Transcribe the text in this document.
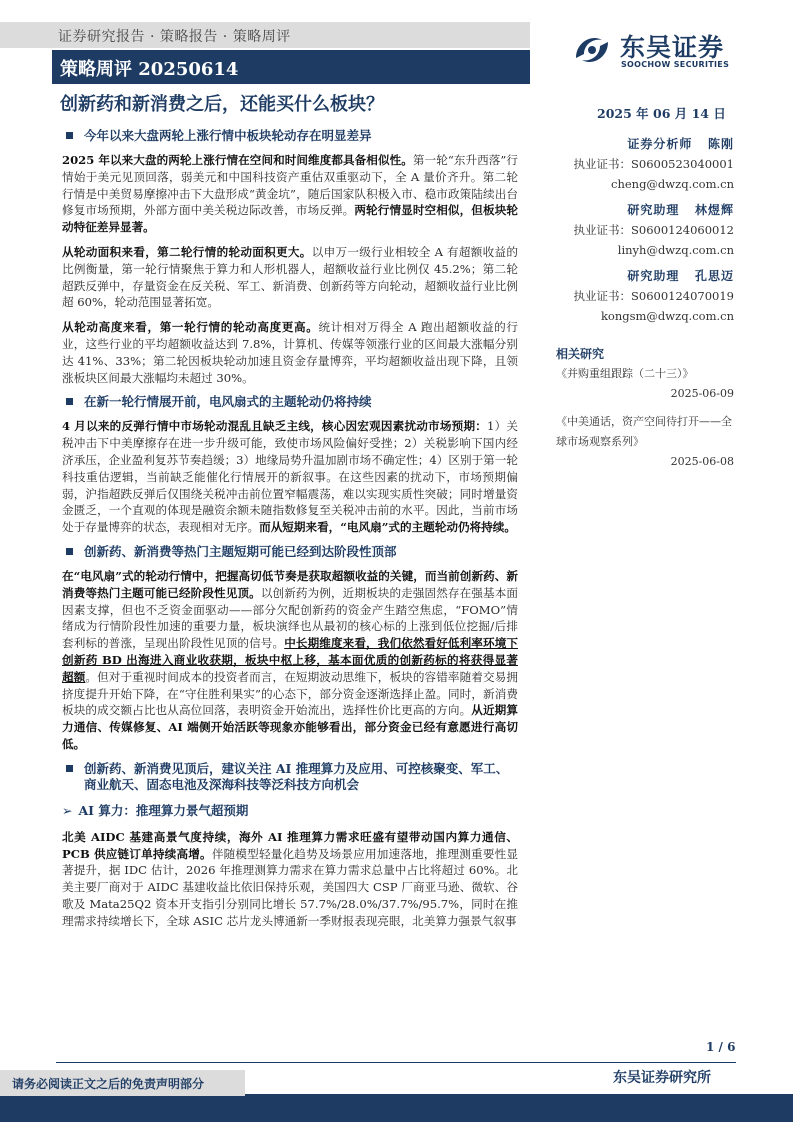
证券研究报告 · 策略报告 · 策略周评
策略周评 20250614
东吴证券
SOOCHOW SECURITIES
创新药和新消费之后，还能买什么板块？	2025 年 06 月 14 日
今年以来大盘两轮上涨行情中板块轮动存在明显差异

2025 年以来大盘的两轮上涨行情在空间和时间维度都具备相似性。第一轮“东升西落”行情始于美元见顶回落，弱美元和中国科技资产重估双重驱动下，全 A 量价齐升。第二轮行情是中美贸易摩擦冲击下大盘形成“黄金坑”，随后国家队积极入市、稳市政策陆续出台修复市场预期，外部方面中美关税边际改善，市场反弹。两轮行情显时空相似，但板块轮动特征差异显著。

从轮动面积来看，第二轮行情的轮动面积更大。以申万一级行业相较全 A 有超额收益的比例衡量，第一轮行情聚焦于算力和人形机器人，超额收益行业比例仅 45.2%；第二轮超跌反弹中，存量资金在反关税、军工、新消费、创新药等方向轮动，超额收益行业比例超 60%，轮动范围显著拓宽。

从轮动高度来看，第一轮行情的轮动高度更高。统计相对万得全 A 跑出超额收益的行业，这些行业的平均超额收益达到 7.8%，计算机、传媒等领涨行业的区间最大涨幅分别达 41%、33%；第二轮因板块轮动加速且资金存量博弈，平均超额收益出现下降，且领涨板块区间最大涨幅均未超过 30%。

在新一轮行情展开前，电风扇式的主题轮动仍将持续

4 月以来的反弹行情中市场轮动混乱且缺乏主线，核心因宏观因素扰动市场预期：1）关税冲击下中美摩擦存在进一步升级可能，致使市场风险偏好受挫；2）关税影响下国内经济承压，企业盈利复苏节奏趋缓；3）地缘局势升温加剧市场不确定性；4）区别于第一轮科技重估逻辑，当前缺乏能催化行情展开的新叙事。在这些因素的扰动下，市场预期偏弱，沪指超跌反弹后仅围绕关税冲击前位置窄幅震荡，难以实现实质性突破；同时增量资金匮乏，一个直观的体现是融资余额未随指数修复至关税冲击前的水平。因此，当前市场处于存量博弈的状态，表现相对无序。而从短期来看，“电风扇”式的主题轮动仍将持续。

创新药、新消费等热门主题短期可能已经到达阶段性顶部

在“电风扇”式的轮动行情中，把握高切低节奏是获取超额收益的关键，而当前创新药、新消费等热门主题可能已经阶段性见顶。以创新药为例，近期板块的走强固然存在强基本面因素支撑，但也不乏资金面驱动——部分欠配创新药的资金产生踏空焦虑，“FOMO”情绪成为行情阶段性加速的重要力量，板块演绎也从最初的核心标的上涨到低位挖掘/后排套利标的普涨，呈现出阶段性见顶的信号。中长期维度来看，我们依然看好低利率环境下创新药 BD 出海进入商业收获期，板块中枢上移，基本面优质的创新药标的将获得显著超额。但对于重视时间成本的投资者而言，在短期波动思维下，板块的容错率随着交易拥挤度提升开始下降，在“守住胜利果实”的心态下，部分资金逐渐选择止盈。同时，新消费板块的成交额占比也从高位回落，表明资金开始流出，选择性价比更高的方向。从近期算力通信、传媒修复、AI 端侧开始活跃等现象亦能够看出，部分资金已经有意愿进行高切低。

创新药、新消费见顶后，建议关注 AI 推理算力及应用、可控核聚变、军工、商业航天、固态电池及深海科技等泛科技方向机会
➢ AI 算力：推理算力景气超预期

北美 AIDC 基建高景气度持续，海外 AI 推理算力需求旺盛有望带动国内算力通信、PCB 供应链订单持续高增。伴随模型轻量化趋势及场景应用加速落地，推理测重要性显著提升，据 IDC 估计，2026 年推理测算力需求在算力需求总量中占比将超过 60%。北美主要厂商对于 AIDC 基建收益比依旧保持乐观，美国四大 CSP 厂商亚马逊、微软、谷歌及 Mata25Q2 资本开支指引分别同比增长 57.7%/28.0%/37.7%/95.7%，同时在推理需求持续增长下，全球 ASIC 芯片龙头博通新一季财报表现亮眼，北美算力强景气叙事

证券分析师 陈刚
执业证书：S0600523040001
cheng@dwzq.com.cn
研究助理 林煜辉
执业证书：S0600124060012
linyh@dwzq.com.cn
研究助理 孔思迈
执业证书：S0600124070019
kongsm@dwzq.com.cn
相关研究
《并购重组跟踪（二十三）》
2025-06-09
《中美通话，资产空间待打开——全球市场观察系列》
2025-06-08
1 / 6
东吴证券研究所
请务必阅读正文之后的免责声明部分
